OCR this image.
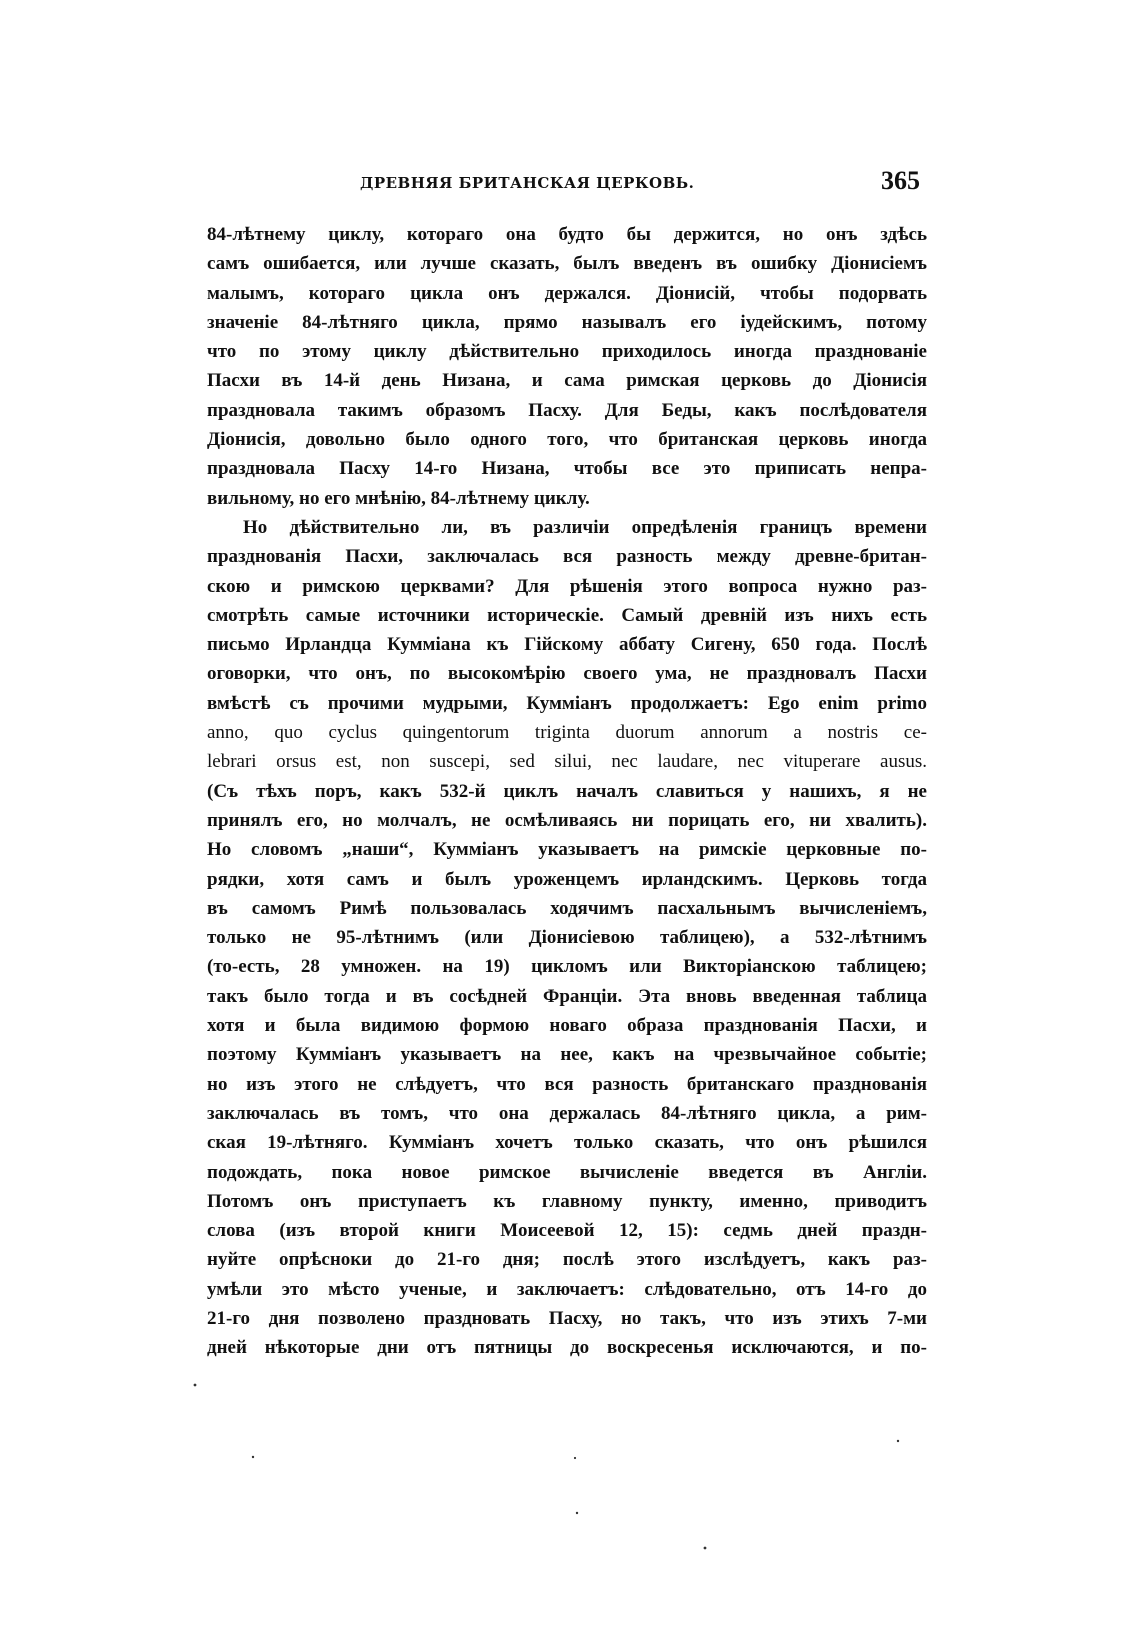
ДРЕВНЯЯ БРИТАНСКАЯ ЦЕРКОВЬ.	365
84-лѣтнему циклу, котораго она будто бы держится, но онъ здѣсь
самъ ошибается, или лучше сказать, былъ введенъ въ ошибку Діонисіемъ
малымъ, котораго цикла онъ держался. Діонисій, чтобы подорвать
значеніе 84-лѣтняго цикла, прямо называлъ его іудейскимъ, потому
что по этому циклу дѣйствительно приходилось иногда празднованіе
Пасхи въ 14-й день Низана, и сама римская церковь до Діонисія
праздновала такимъ образомъ Пасху. Для Беды, какъ послѣдователя
Діонисія, довольно было одного того, что британская церковь иногда
праздновала Пасху 14-го Низана, чтобы все это приписать непра-
вильному, но его мнѣнію, 84-лѣтнему циклу.
Но дѣйствительно ли, въ различіи опредѣленія границъ времени
празднованія Пасхи, заключалась вся разность между древне-британ-
скою и римскою церквами? Для рѣшенія этого вопроса нужно раз-
смотрѣть самые источники историческіе. Самый древній изъ нихъ есть
письмо Ирландца Куммiана къ Гійскому аббату Сигену, 650 года. Послѣ
оговорки, что онъ, по высокомѣрію своего ума, не праздновалъ Пасхи
вмѣстѣ съ прочими мудрыми, Кумміанъ продолжаетъ: Ego enim primo
anno, quo cyclus quingentorum triginta duorum annorum a nostris ce-
lebrari orsus est, non suscepi, sed silui, nec laudare, nec vituperare ausus.
(Съ тѣхъ поръ, какъ 532-й циклъ началъ славиться у нашихъ, я не
принялъ его, но молчалъ, не осмѣливаясь ни порицать его, ни хвалить).
Но словомъ „наши“, Кумміанъ указываетъ на римскіе церковные по-
рядки, хотя самъ и былъ уроженцемъ ирландскимъ. Церковь тогда
въ самомъ Римѣ пользовалась ходячимъ пасхальнымъ вычисленіемъ,
только не 95-лѣтнимъ (или Діонисіевою таблицею), а 532-лѣтнимъ
(то-есть, 28 умножен. на 19) цикломъ или Викторіанскою таблицею;
такъ было тогда и въ сосѣдней Франціи. Эта вновь введенная таблица
хотя и была видимою формою новаго образа празднованія Пасхи, и
поэтому Кумміанъ указываетъ на нее, какъ на чрезвычайное событіе;
но изъ этого не слѣдуетъ, что вся разность британскаго празднованія
заключалась въ томъ, что она держалась 84-лѣтняго цикла, а рим-
ская 19-лѣтняго. Кумміанъ хочетъ только сказать, что онъ рѣшился
подождать, пока новое римское вычисленіе введется въ Англіи.
Потомъ онъ приступаетъ къ главному пункту, именно, приводитъ
слова (изъ второй книги Моисеевой 12, 15): седмь дней праздн-
нуйте опрѣсноки до 21-го дня; послѣ этого изслѣдуетъ, какъ раз-
умѣли это мѣсто ученые, и заключаетъ: слѣдовательно, отъ 14-го до
21-го дня позволено праздновать Пасху, но такъ, что изъ этихъ 7-ми
дней нѣкоторые дни отъ пятницы до воскресенья исключаются, и по-
